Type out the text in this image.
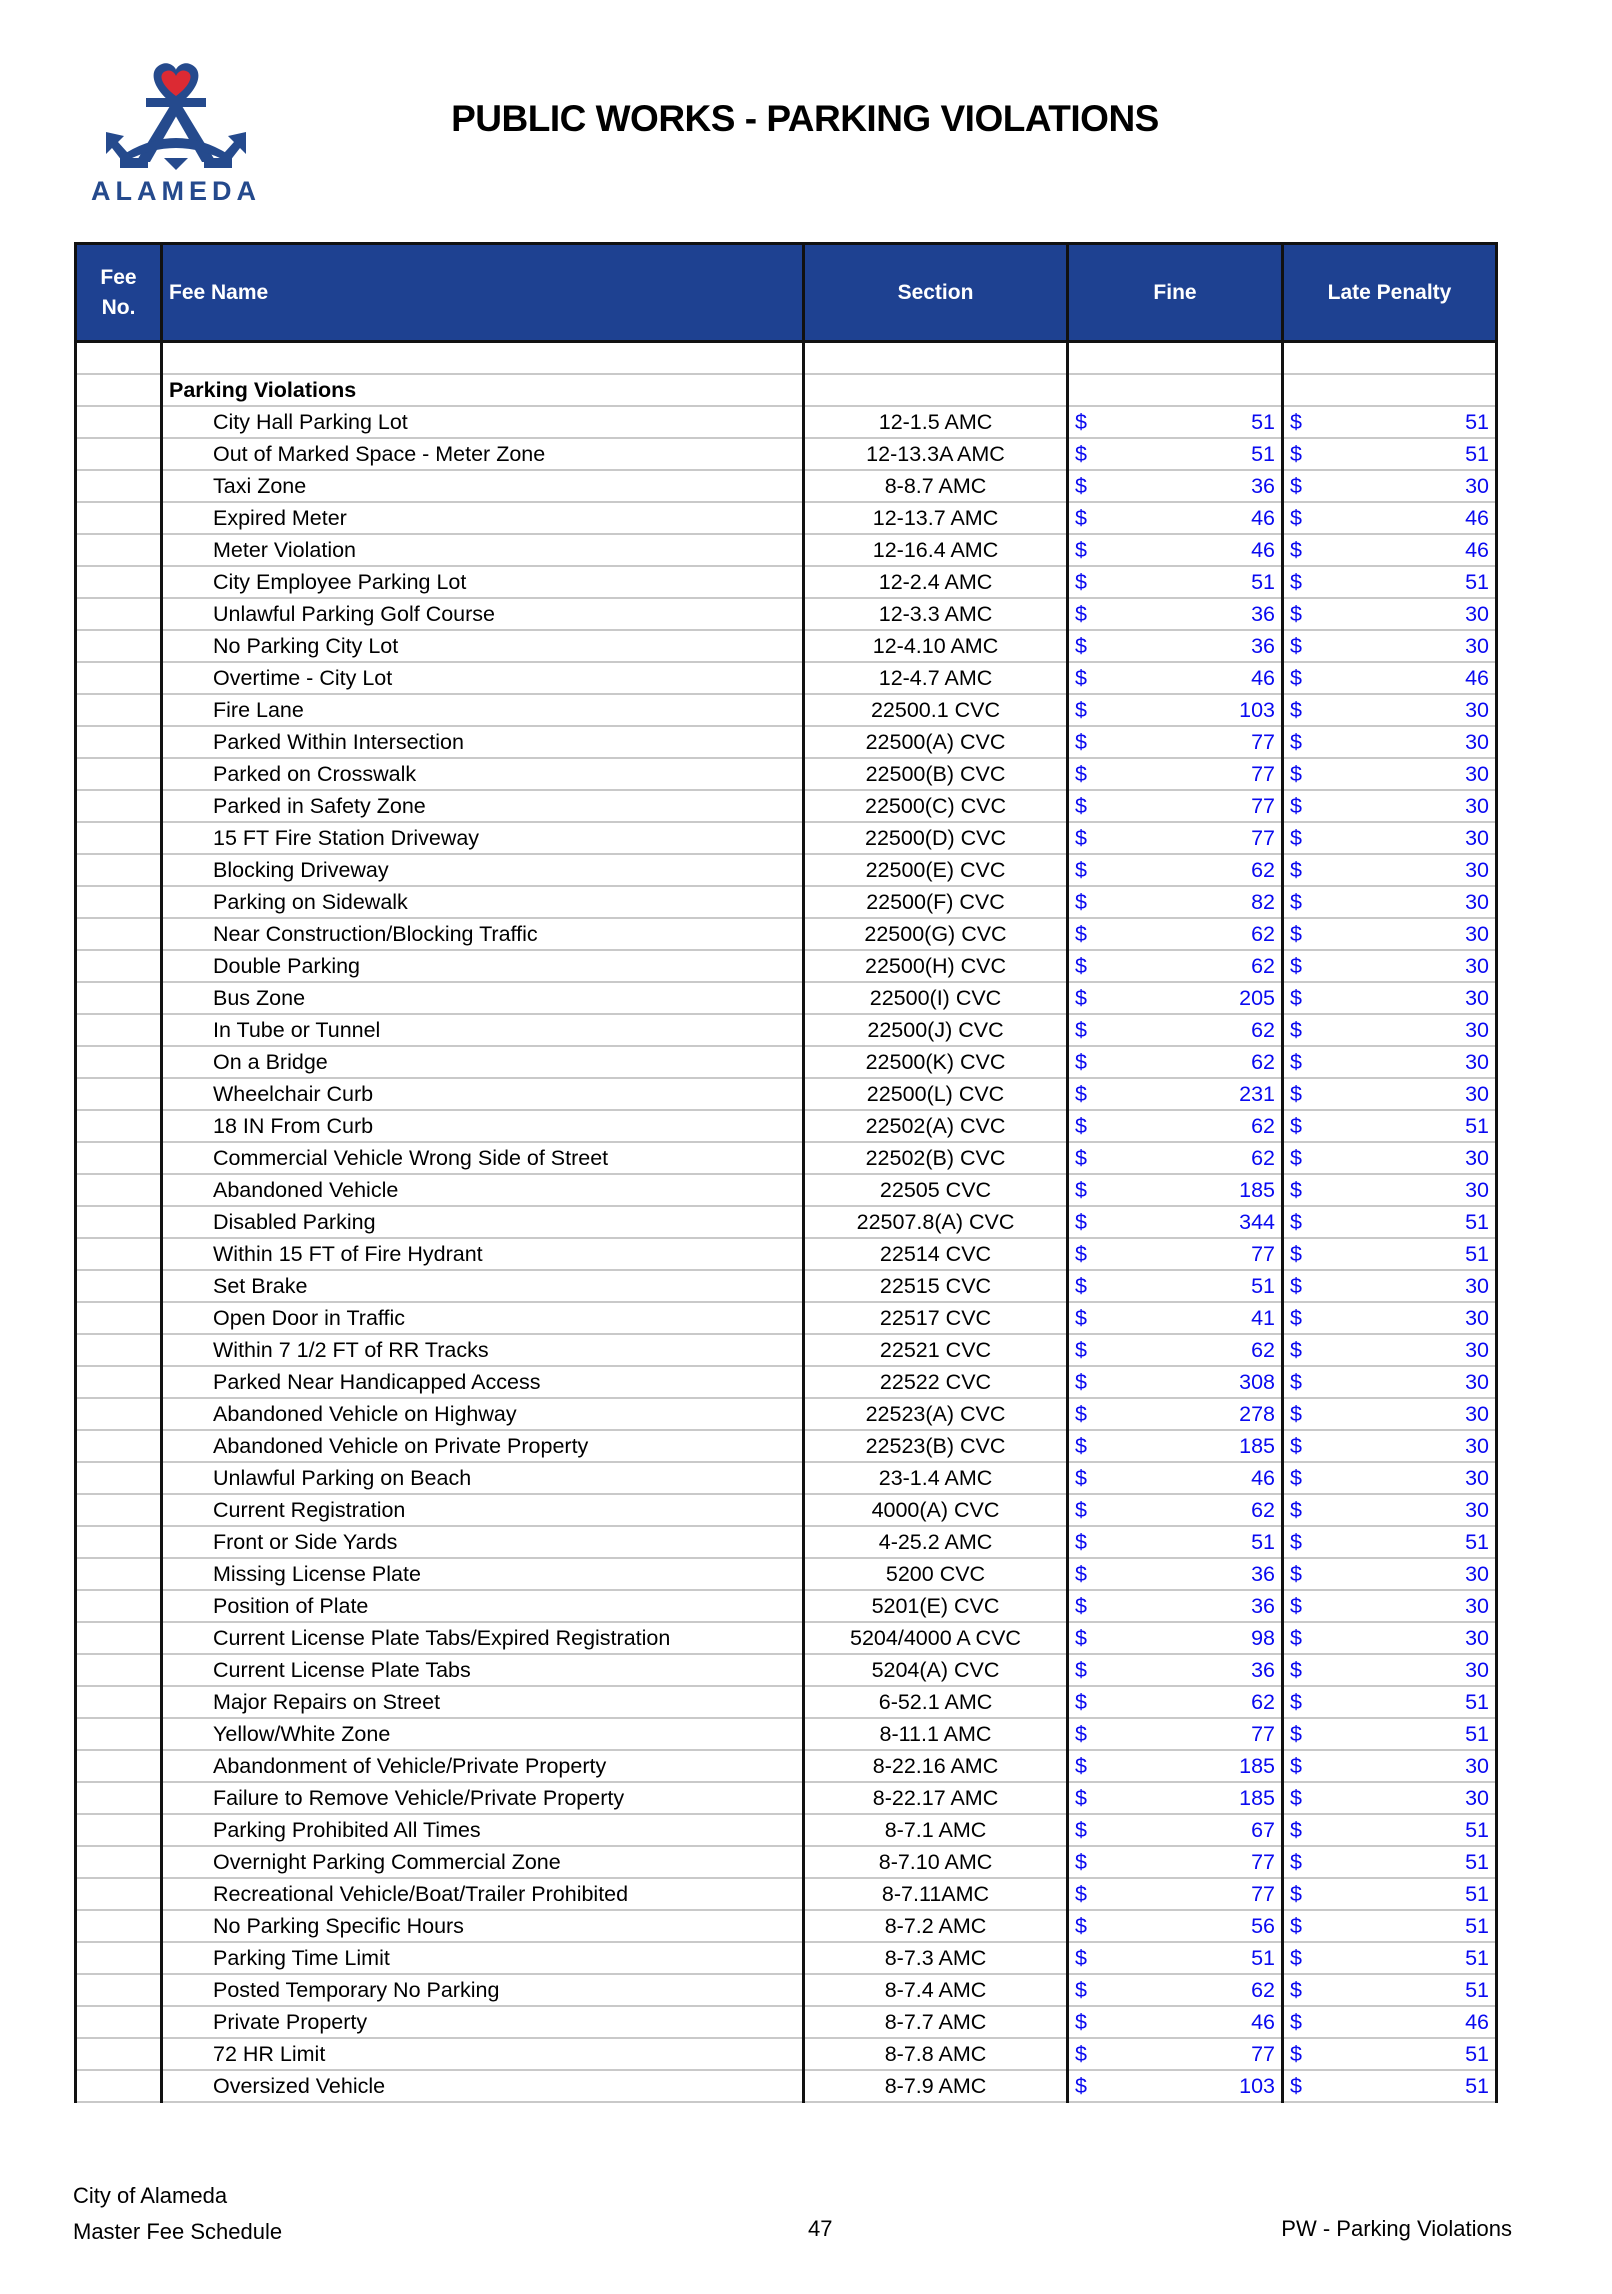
ALAMEDA
PUBLIC WORKS - PARKING VIOLATIONS
Fee No.	Fee Name	Section	Fine	Late Penalty

	Parking Violations			
	City Hall Parking Lot	12-1.5 AMC	$ 51	$ 51

	Out of Marked Space - Meter Zone	12-13.3A AMC	$ 51	$ 51

	Taxi Zone	8-8.7 AMC	$ 36	$ 30

	Expired Meter	12-13.7 AMC	$ 46	$ 46

	Meter Violation	12-16.4 AMC	$ 46	$ 46

	City Employee Parking Lot	12-2.4 AMC	$ 51	$ 51

	Unlawful Parking Golf Course	12-3.3 AMC	$ 36	$ 30

	No Parking City Lot	12-4.10 AMC	$ 36	$ 30

	Overtime - City Lot	12-4.7 AMC	$ 46	$ 46

	Fire Lane	22500.1 CVC	$ 103	$ 30

	Parked Within Intersection	22500(A) CVC	$ 77	$ 30

	Parked on Crosswalk	22500(B) CVC	$ 77	$ 30

	Parked in Safety Zone	22500(C) CVC	$ 77	$ 30

	15 FT Fire Station Driveway	22500(D) CVC	$ 77	$ 30

	Blocking Driveway	22500(E) CVC	$ 62	$ 30

	Parking on Sidewalk	22500(F) CVC	$ 82	$ 30

	Near Construction/Blocking Traffic	22500(G) CVC	$ 62	$ 30

	Double Parking	22500(H) CVC	$ 62	$ 30

	Bus Zone	22500(I) CVC	$ 205	$ 30

	In Tube or Tunnel	22500(J) CVC	$ 62	$ 30

	On a Bridge	22500(K) CVC	$ 62	$ 30

	Wheelchair Curb	22500(L) CVC	$ 231	$ 30

	18 IN From Curb	22502(A) CVC	$ 62	$ 51

	Commercial Vehicle Wrong Side of Street	22502(B) CVC	$ 62	$ 30

	Abandoned Vehicle	22505 CVC	$ 185	$ 30

	Disabled Parking	22507.8(A) CVC	$ 344	$ 51

	Within 15 FT of Fire Hydrant	22514 CVC	$ 77	$ 51

	Set Brake	22515 CVC	$ 51	$ 30

	Open Door in Traffic	22517 CVC	$ 41	$ 30

	Within 7 1/2 FT of RR Tracks	22521 CVC	$ 62	$ 30

	Parked Near Handicapped Access	22522 CVC	$ 308	$ 30

	Abandoned Vehicle on Highway	22523(A) CVC	$ 278	$ 30

	Abandoned Vehicle on Private Property	22523(B) CVC	$ 185	$ 30

	Unlawful Parking on Beach	23-1.4 AMC	$ 46	$ 30

	Current Registration	4000(A) CVC	$ 62	$ 30

	Front or Side Yards	4-25.2 AMC	$ 51	$ 51

	Missing License Plate	5200 CVC	$ 36	$ 30

	Position of Plate	5201(E) CVC	$ 36	$ 30

	Current License Plate Tabs/Expired Registration	5204/4000 A CVC	$ 98	$ 30

	Current License Plate Tabs	5204(A) CVC	$ 36	$ 30

	Major Repairs on Street	6-52.1 AMC	$ 62	$ 51

	Yellow/White Zone	8-11.1 AMC	$ 77	$ 51

	Abandonment of Vehicle/Private Property	8-22.16 AMC	$ 185	$ 30

	Failure to Remove Vehicle/Private Property	8-22.17 AMC	$ 185	$ 30

	Parking Prohibited All Times	8-7.1 AMC	$ 67	$ 51

	Overnight Parking Commercial Zone	8-7.10 AMC	$ 77	$ 51

	Recreational Vehicle/Boat/Trailer Prohibited	8-7.11AMC	$ 77	$ 51

	No Parking Specific Hours	8-7.2 AMC	$ 56	$ 51

	Parking Time Limit	8-7.3 AMC	$ 51	$ 51

	Posted Temporary No Parking	8-7.4 AMC	$ 62	$ 51

	Private Property	8-7.7 AMC	$ 46	$ 46

	72 HR Limit	8-7.8 AMC	$ 77	$ 51

	Oversized Vehicle	8-7.9 AMC	$ 103	$ 51
City of Alameda
Master Fee Schedule	47	PW - Parking Violations
